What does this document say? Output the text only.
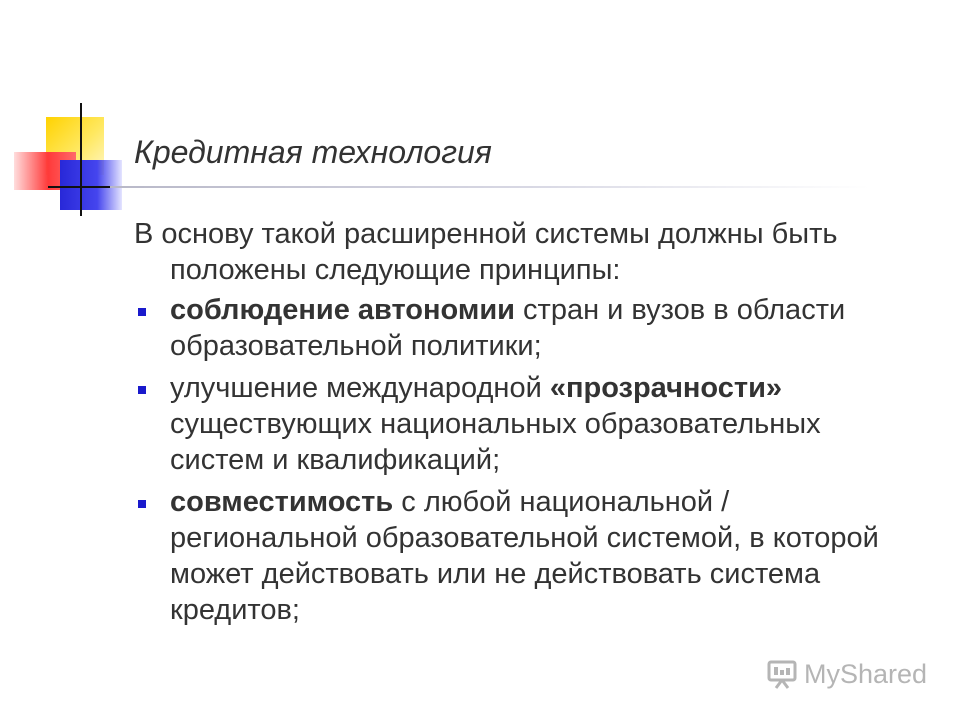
Кредитная технология

В основу такой расширенной системы должны быть положены следующие принципы:

соблюдение автономии стран и вузов в области образовательной политики;
улучшение международной «прозрачности» существующих национальных образовательных систем и квалификаций;
совместимость с любой национальной /региональной образовательной системой, в которой может действовать или не действовать система кредитов;
MyShared
